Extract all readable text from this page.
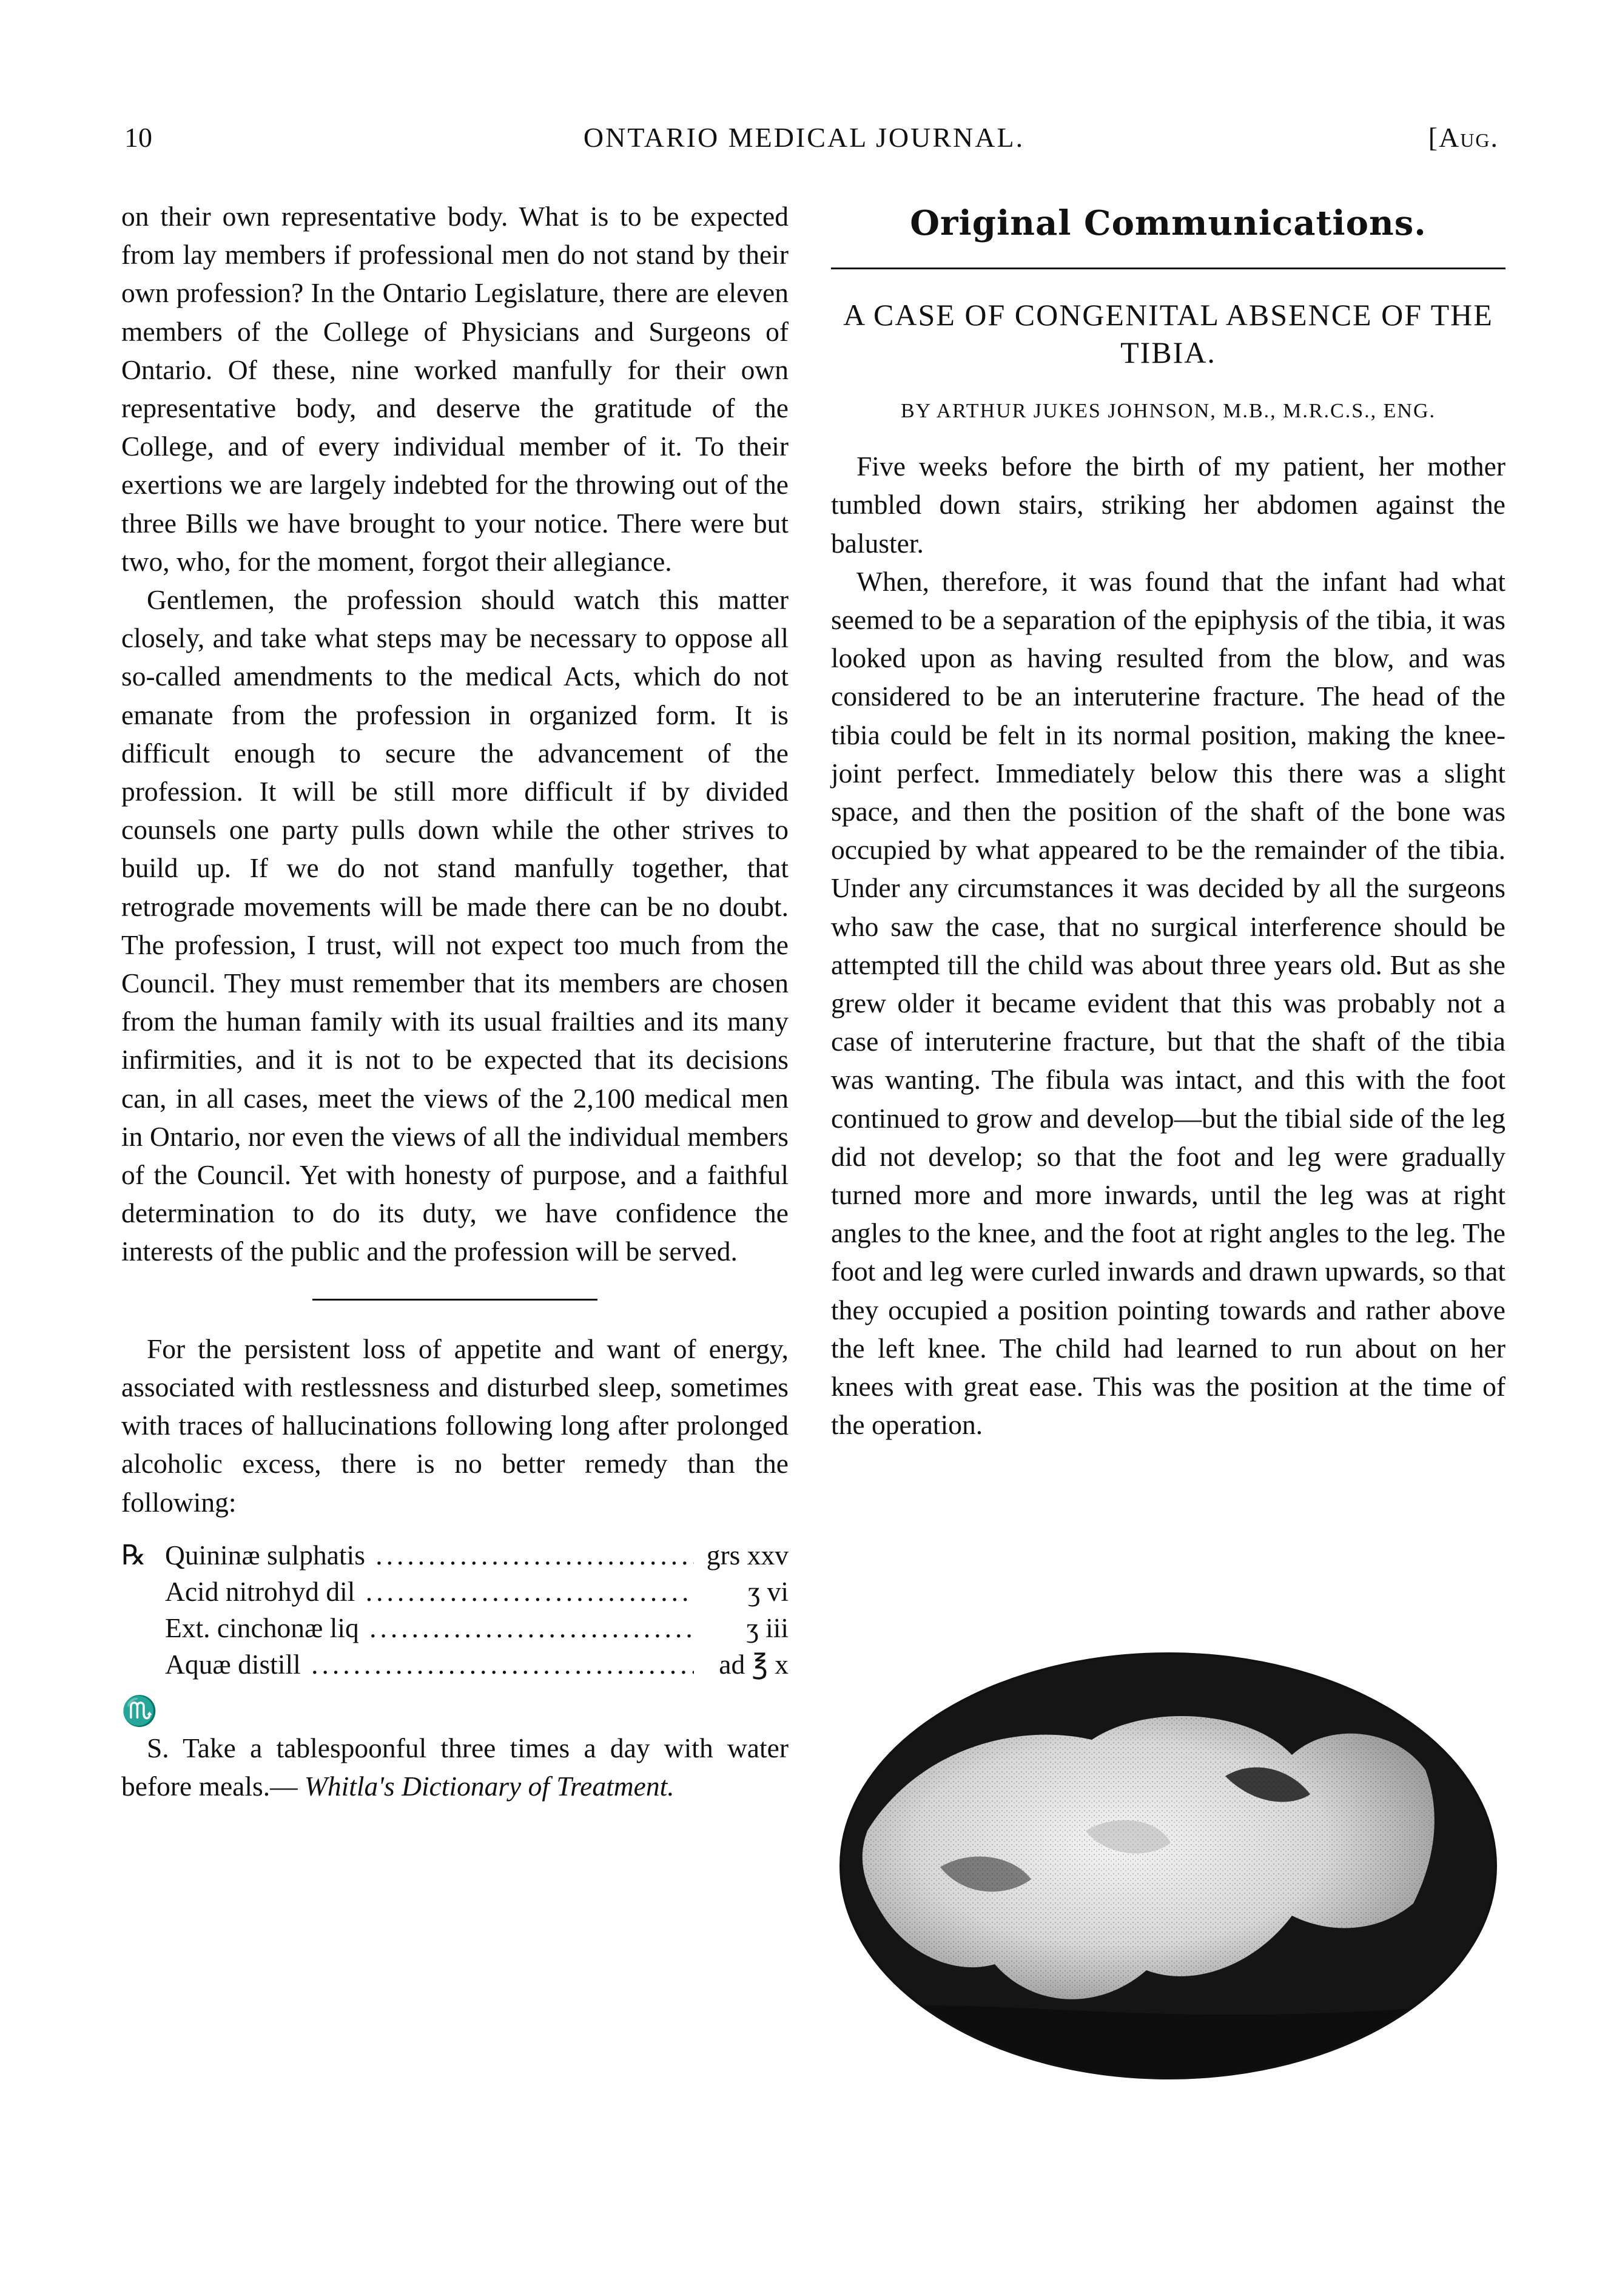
10	ONTARIO MEDICAL JOURNAL.	[Aug.

on their own representative body. What is to be expected from lay members if professional men do not stand by their own profession? In the Ontario Legislature, there are eleven members of the College of Physicians and Surgeons of Ontario. Of these, nine worked manfully for their own representative body, and deserve the gratitude of the College, and of every individual member of it. To their exertions we are largely indebted for the throwing out of the three Bills we have brought to your notice. There were but two, who, for the moment, forgot their allegiance.

Gentlemen, the profession should watch this matter closely, and take what steps may be necessary to oppose all so-called amendments to the medical Acts, which do not emanate from the profession in organized form. It is difficult enough to secure the advancement of the profession. It will be still more difficult if by divided counsels one party pulls down while the other strives to build up. If we do not stand manfully together, that retrograde movements will be made there can be no doubt. The profession, I trust, will not expect too much from the Council. They must remember that its members are chosen from the human family with its usual frailties and its many infirmities, and it is not to be expected that its decisions can, in all cases, meet the views of the 2,100 medical men in Ontario, nor even the views of all the individual members of the Council. Yet with honesty of purpose, and a faithful determination to do its duty, we have confidence the interests of the public and the profession will be served.

For the persistent loss of appetite and want of energy, associated with restlessness and disturbed sleep, sometimes with traces of hallucinations following long after prolonged alcoholic excess, there is no better remedy than the following:

℞ Quininæ sulphatis .....	grs xxv
Acid nitrohyd dil .....	ʒ vi
Ext. cinchonæ liq .....	ʒ iii
Aquæ distill .....	ad ℥ x
♏

S. Take a tablespoonful three times a day with water before meals.— Whitla's Dictionary of Treatment.

Original Communications.
A CASE OF CONGENITAL ABSENCE OF THE TIBIA.
BY ARTHUR JUKES JOHNSON, M.B., M.R.C.S., ENG.

Five weeks before the birth of my patient, her mother tumbled down stairs, striking her abdomen against the baluster.

When, therefore, it was found that the infant had what seemed to be a separation of the epiphysis of the tibia, it was looked upon as having resulted from the blow, and was considered to be an interuterine fracture. The head of the tibia could be felt in its normal position, making the knee-joint perfect. Immediately below this there was a slight space, and then the position of the shaft of the bone was occupied by what appeared to be the remainder of the tibia. Under any circumstances it was decided by all the surgeons who saw the case, that no surgical interference should be attempted till the child was about three years old. But as she grew older it became evident that this was probably not a case of interuterine fracture, but that the shaft of the tibia was wanting. The fibula was intact, and this with the foot continued to grow and develop—but the tibial side of the leg did not develop; so that the foot and leg were gradually turned more and more inwards, until the leg was at right angles to the knee, and the foot at right angles to the leg. The foot and leg were curled inwards and drawn upwards, so that they occupied a position pointing towards and rather above the left knee. The child had learned to run about on her knees with great ease. This was the position at the time of the operation.
